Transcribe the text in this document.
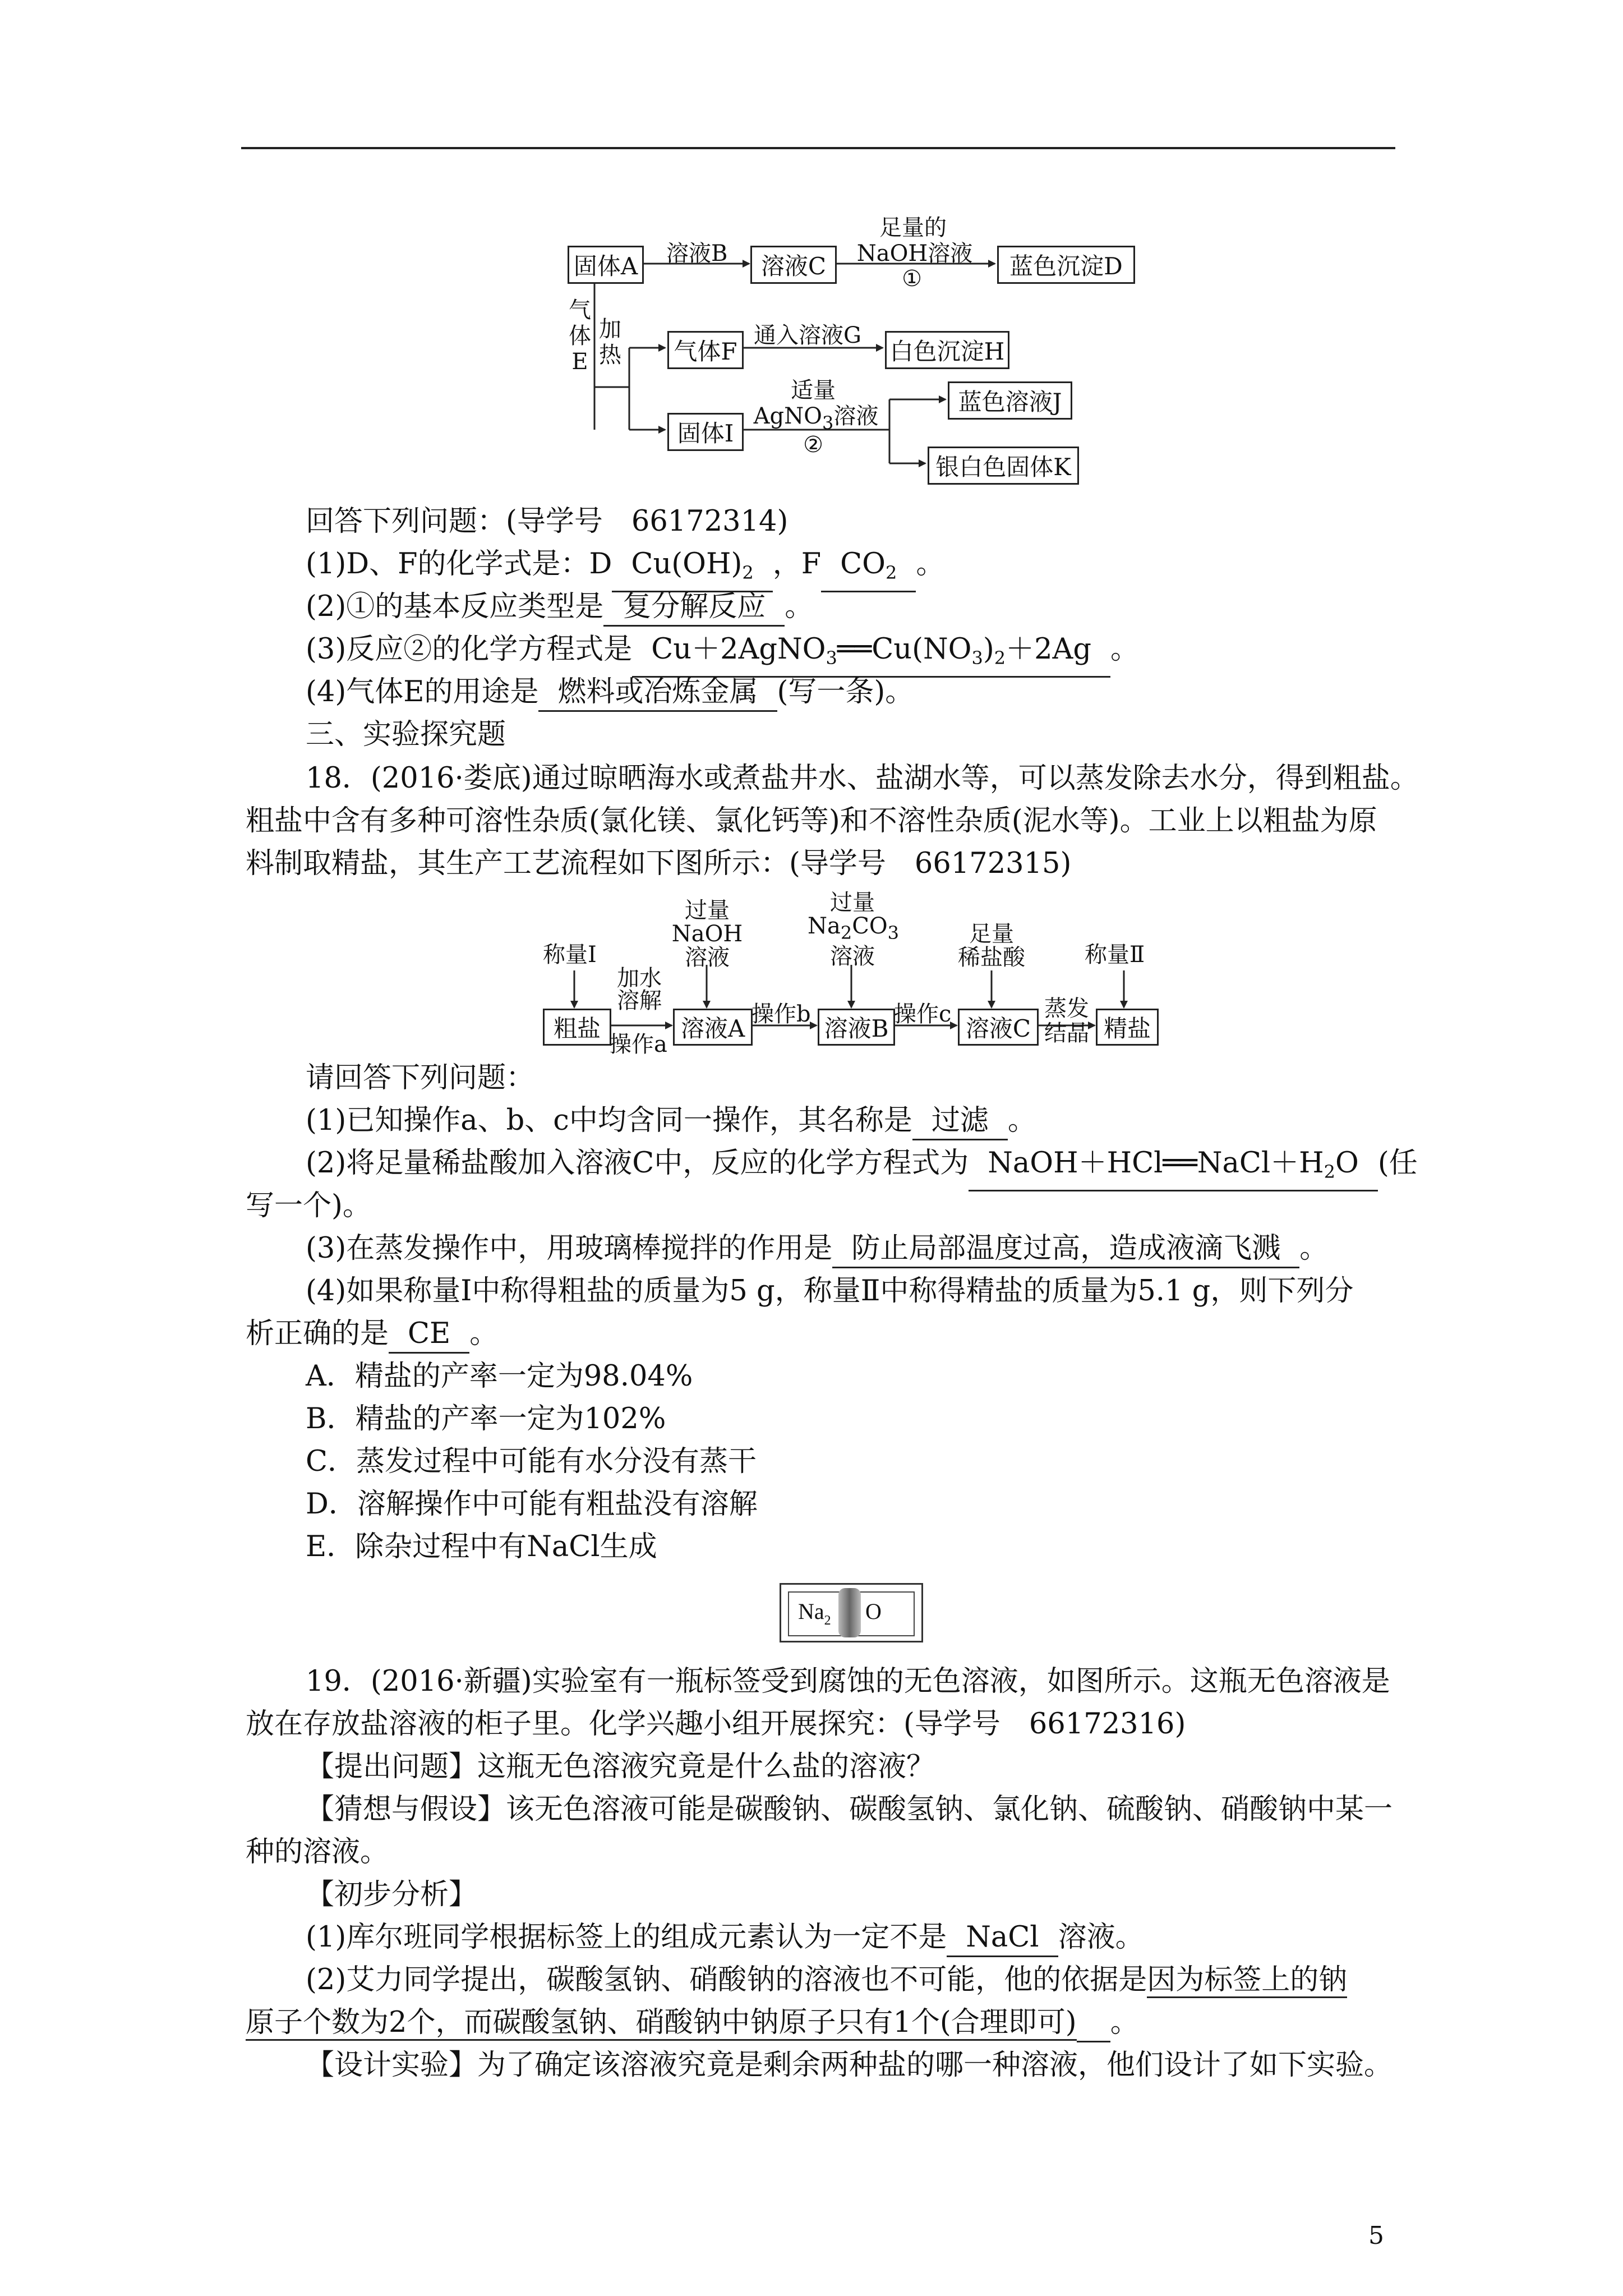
固体A 溶液B	溶液C
足量的
NaOH溶液
①	蓝色沉淀D
气
体
E
加
热 气体F
通入溶液G
白色沉淀H
固体I
适量
AgNO$_3$溶液
②
蓝色溶液J
银白色固体K
回答下列问题：(导学号　66172314)
(1)D、F的化学式是：D $Cu(OH)_2$ ，F $CO_2$ 。
(2)①的基本反应类型是 复分解反应 。
(3)反应②的化学方程式是 $Cu+2AgNO_3══Cu(NO_3)_2+2Ag$ 。
(4)气体E的用途是 燃料或冶炼金属 (写一条)。
三、实验探究题
18．(2016·娄底)通过晾晒海水或煮盐井水、盐湖水等，可以蒸发除去水分，得到粗盐。
粗盐中含有多种可溶性杂质(氯化镁、氯化钙等)和不溶性杂质(泥水等)。工业上以粗盐为原
料制取精盐，其生产工艺流程如下图所示：(导学号　66172315)
称量Ⅰ
过量
NaOH
溶液
过量
$Na_2CO_3$
溶液
足量
稀盐酸	称量Ⅱ
粗盐
加水
溶解
操作a
溶液A
操作b
溶液B
操作c
溶液C
蒸发
结晶 精盐
请回答下列问题：
(1)已知操作a、b、c中均含同一操作，其名称是 过滤 。
(2)将足量稀盐酸加入溶液C中，反应的化学方程式为 $NaOH+HCl══NaCl+H_2O$ (任
写一个)。
(3)在蒸发操作中，用玻璃棒搅拌的作用是 防止局部温度过高，造成液滴飞溅 。
(4)如果称量Ⅰ中称得粗盐的质量为5 g，称量Ⅱ中称得精盐的质量为5.1 g，则下列分
析正确的是 CE 。
A．精盐的产率一定为98.04%
B．精盐的产率一定为102%
C．蒸发过程中可能有水分没有蒸干
D．溶解操作中可能有粗盐没有溶解
E．除杂过程中有NaCl生成
$Na_2$ O
19．(2016·新疆)实验室有一瓶标签受到腐蚀的无色溶液，如图所示。这瓶无色溶液是
放在存放盐溶液的柜子里。化学兴趣小组开展探究：(导学号　66172316)
【提出问题】这瓶无色溶液究竟是什么盐的溶液？
【猜想与假设】该无色溶液可能是碳酸钠、碳酸氢钠、氯化钠、硫酸钠、硝酸钠中某一
种的溶液。
【初步分析】
(1)库尔班同学根据标签上的组成元素认为一定不是 NaCl 溶液。
(2)艾力同学提出，碳酸氢钠、硝酸钠的溶液也不可能，他的依据是因为标签上的钠
原子个数为2个，而碳酸氢钠、硝酸钠中钠原子只有1个(合理即可) 。
【设计实验】为了确定该溶液究竟是剩余两种盐的哪一种溶液，他们设计了如下实验。
5
